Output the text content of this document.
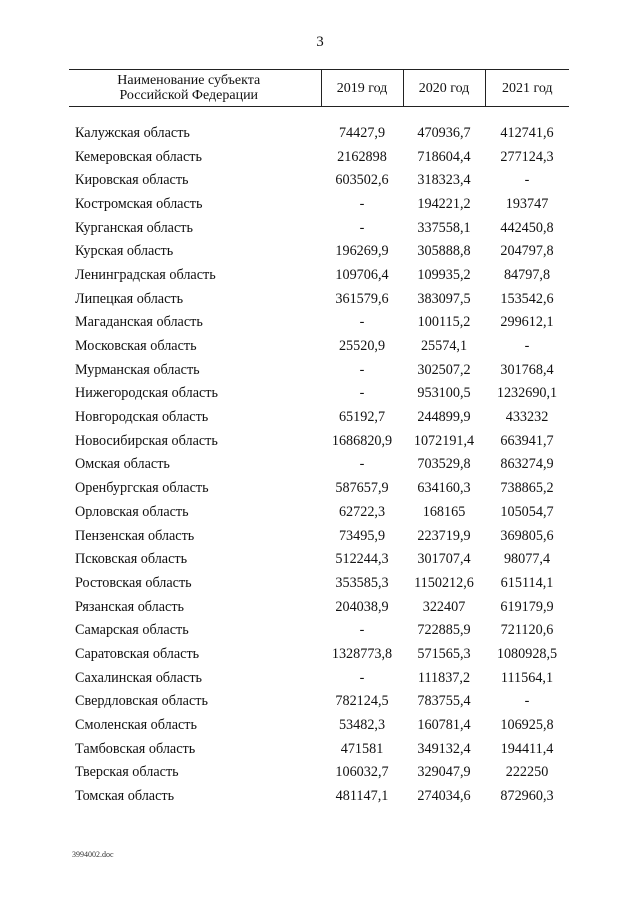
3
Наименование субъекта
Российской Федерации	2019 год	2020 год	2021 год

Калужская область	74427,9	470936,7	412741,6
Кемеровская область	2162898	718604,4	277124,3
Кировская область	603502,6	318323,4	-
Костромская область	-	194221,2	193747
Курганская область	-	337558,1	442450,8
Курская область	196269,9	305888,8	204797,8
Ленинградская область	109706,4	109935,2	84797,8
Липецкая область	361579,6	383097,5	153542,6
Магаданская область	-	100115,2	299612,1
Московская область	25520,9	25574,1	-
Мурманская область	-	302507,2	301768,4
Нижегородская область	-	953100,5	1232690,1
Новгородская область	65192,7	244899,9	433232
Новосибирская область	1686820,9	1072191,4	663941,7
Омская область	-	703529,8	863274,9
Оренбургская область	587657,9	634160,3	738865,2
Орловская область	62722,3	168165	105054,7
Пензенская область	73495,9	223719,9	369805,6
Псковская область	512244,3	301707,4	98077,4
Ростовская область	353585,3	1150212,6	615114,1
Рязанская область	204038,9	322407	619179,9
Самарская область	-	722885,9	721120,6
Саратовская область	1328773,8	571565,3	1080928,5
Сахалинская область	-	111837,2	111564,1
Свердловская область	782124,5	783755,4	-
Смоленская область	53482,3	160781,4	106925,8
Тамбовская область	471581	349132,4	194411,4
Тверская область	106032,7	329047,9	222250
Томская область	481147,1	274034,6	872960,3
3994002.doc
